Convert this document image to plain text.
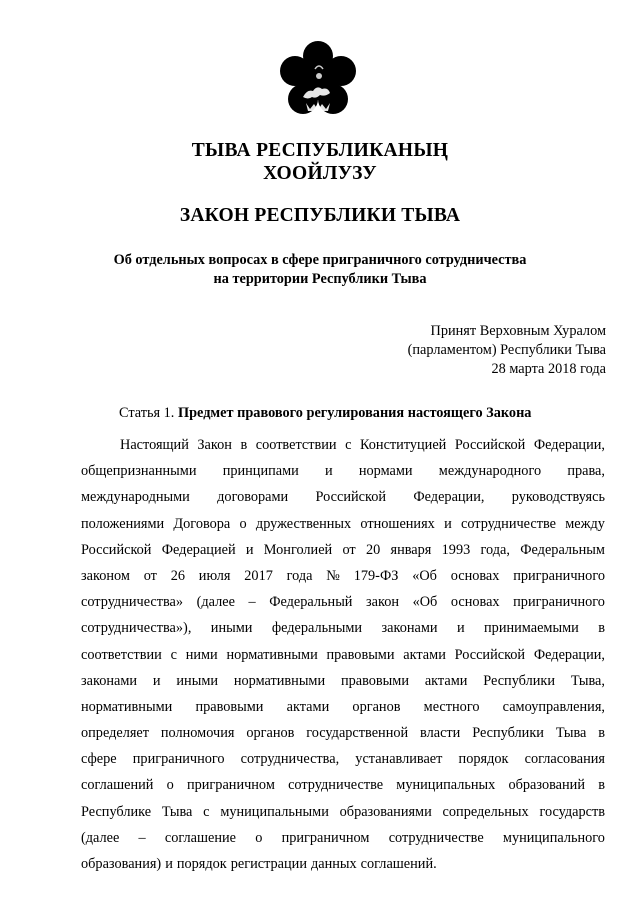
ТЫВА РЕСПУБЛИКАНЫҢ
ХООЙЛУЗУ
ЗАКОН РЕСПУБЛИКИ ТЫВА
Об отдельных вопросах в сфере приграничного сотрудничества
на территории Республики Тыва
Принят Верховным Хуралом
(парламентом) Республики Тыва
28 марта 2018 года
Статья 1. Предмет правового регулирования настоящего Закона
Настоящий Закон в соответствии с Конституцией Российской Федерации,
общепризнанными принципами и нормами международного права,
международными договорами Российской Федерации, руководствуясь
положениями Договора о дружественных отношениях и сотрудничестве между
Российской Федерацией и Монголией от 20 января 1993 года, Федеральным
законом от 26 июля 2017 года № 179-ФЗ «Об основах приграничного
сотрудничества» (далее – Федеральный закон «Об основах приграничного
сотрудничества»), иными федеральными законами и принимаемыми в
соответствии с ними нормативными правовыми актами Российской Федерации,
законами и иными нормативными правовыми актами Республики Тыва,
нормативными правовыми актами органов местного самоуправления,
определяет полномочия органов государственной власти Республики Тыва в
сфере приграничного сотрудничества, устанавливает порядок согласования
соглашений о приграничном сотрудничестве муниципальных образований в
Республике Тыва с муниципальными образованиями сопредельных государств
(далее – соглашение о приграничном сотрудничестве муниципального
образования) и порядок регистрации данных соглашений.
